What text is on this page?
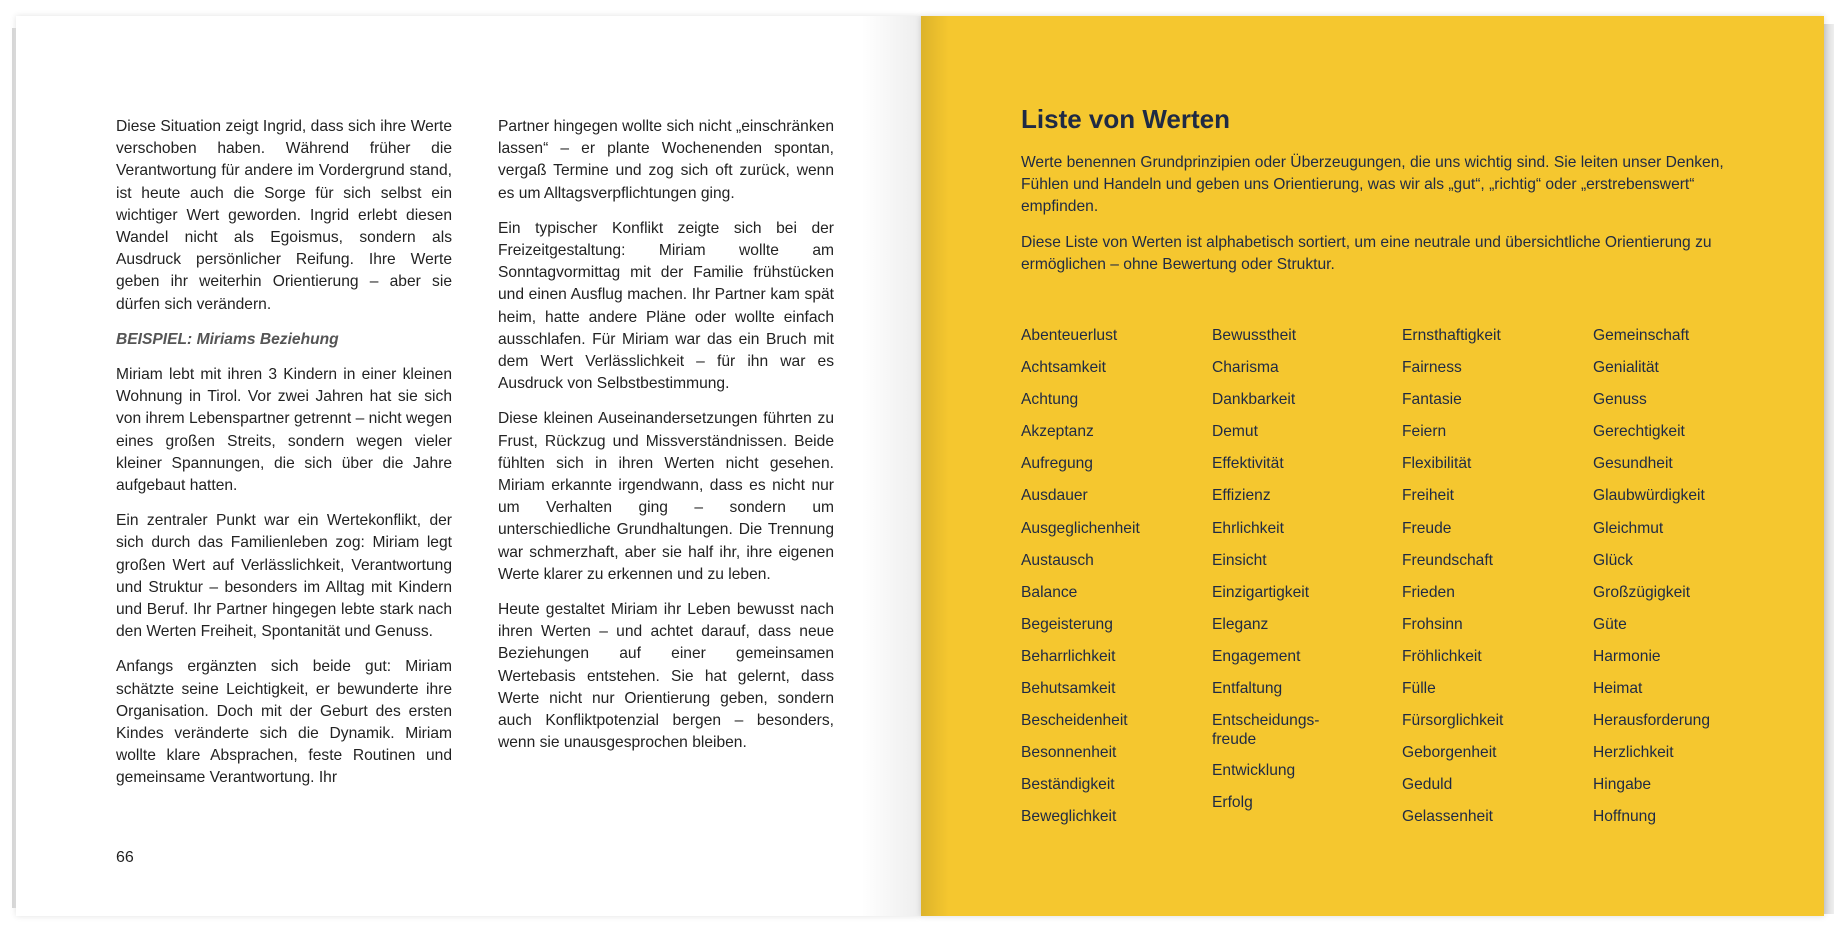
Diese Situation zeigt Ingrid, dass sich ihre Werte verschoben haben. Während früher die Verantwortung für andere im Vordergrund stand, ist heute auch die Sorge für sich selbst ein wichtiger Wert geworden. Ingrid erlebt diesen Wandel nicht als Egoismus, sondern als Ausdruck persönlicher Reifung. Ihre Werte geben ihr weiterhin Orientierung – aber sie dürfen sich verändern.

BEISPIEL: Miriams Beziehung

Miriam lebt mit ihren 3 Kindern in einer kleinen Wohnung in Tirol. Vor zwei Jahren hat sie sich von ihrem Lebenspartner getrennt – nicht wegen eines großen Streits, sondern wegen vieler kleiner Spannungen, die sich über die Jahre aufgebaut hatten.

Ein zentraler Punkt war ein Wertekonflikt, der sich durch das Familienleben zog: Miriam legt großen Wert auf Verlässlichkeit, Verantwortung und Struktur – besonders im Alltag mit Kindern und Beruf. Ihr Partner hingegen lebte stark nach den Werten Freiheit, Spontanität und Genuss.

Anfangs ergänzten sich beide gut: Miriam schätzte seine Leichtigkeit, er bewunderte ihre Organisation. Doch mit der Geburt des ersten Kindes veränderte sich die Dynamik. Miriam wollte klare Absprachen, feste Routinen und gemeinsame Verantwortung. Ihr

Partner hingegen wollte sich nicht „einschränken lassen“ – er plante Wochenenden spontan, vergaß Termine und zog sich oft zurück, wenn es um Alltagsverpflichtungen ging.

Ein typischer Konflikt zeigte sich bei der Freizeitgestaltung: Miriam wollte am Sonntagvormittag mit der Familie frühstücken und einen Ausflug machen. Ihr Partner kam spät heim, hatte andere Pläne oder wollte einfach ausschlafen. Für Miriam war das ein Bruch mit dem Wert Verlässlichkeit – für ihn war es Ausdruck von Selbstbestimmung.

Diese kleinen Auseinandersetzungen führten zu Frust, Rückzug und Missverständnissen. Beide fühlten sich in ihren Werten nicht gesehen. Miriam erkannte irgendwann, dass es nicht nur um Verhalten ging – sondern um unterschiedliche Grundhaltungen. Die Trennung war schmerzhaft, aber sie half ihr, ihre eigenen Werte klarer zu erkennen und zu leben.

Heute gestaltet Miriam ihr Leben bewusst nach ihren Werten – und achtet darauf, dass neue Beziehungen auf einer gemeinsamen Wertebasis entstehen. Sie hat gelernt, dass Werte nicht nur Orientierung geben, sondern auch Konfliktpotenzial bergen – besonders, wenn sie unausgesprochen bleiben.

66
Liste von Werten

Werte benennen Grundprinzipien oder Überzeugungen, die uns wichtig sind. Sie leiten unser Denken, Fühlen und Handeln und geben uns Orientierung, was wir als „gut“, „richtig“ oder „erstrebenswert“ empfinden.

Diese Liste von Werten ist alphabetisch sortiert, um eine neutrale und übersichtliche Orientierung zu ermöglichen – ohne Bewertung oder Struktur.

Abenteuerlust
Achtsamkeit
Achtung
Akzeptanz
Aufregung
Ausdauer
Ausgeglichenheit
Austausch
Balance
Begeisterung
Beharrlichkeit
Behutsamkeit
Bescheidenheit
Besonnenheit
Beständigkeit
Beweglichkeit
Bewusstheit
Charisma
Dankbarkeit
Demut
Effektivität
Effizienz
Ehrlichkeit
Einsicht
Einzigartigkeit
Eleganz
Engagement
Entfaltung
Entscheidungs-
freude
Entwicklung
Erfolg
Ernsthaftigkeit
Fairness
Fantasie
Feiern
Flexibilität
Freiheit
Freude
Freundschaft
Frieden
Frohsinn
Fröhlichkeit
Fülle
Fürsorglichkeit
Geborgenheit
Geduld
Gelassenheit
Gemeinschaft
Genialität
Genuss
Gerechtigkeit
Gesundheit
Glaubwürdigkeit
Gleichmut
Glück
Großzügigkeit
Güte
Harmonie
Heimat
Herausforderung
Herzlichkeit
Hingabe
Hoffnung
